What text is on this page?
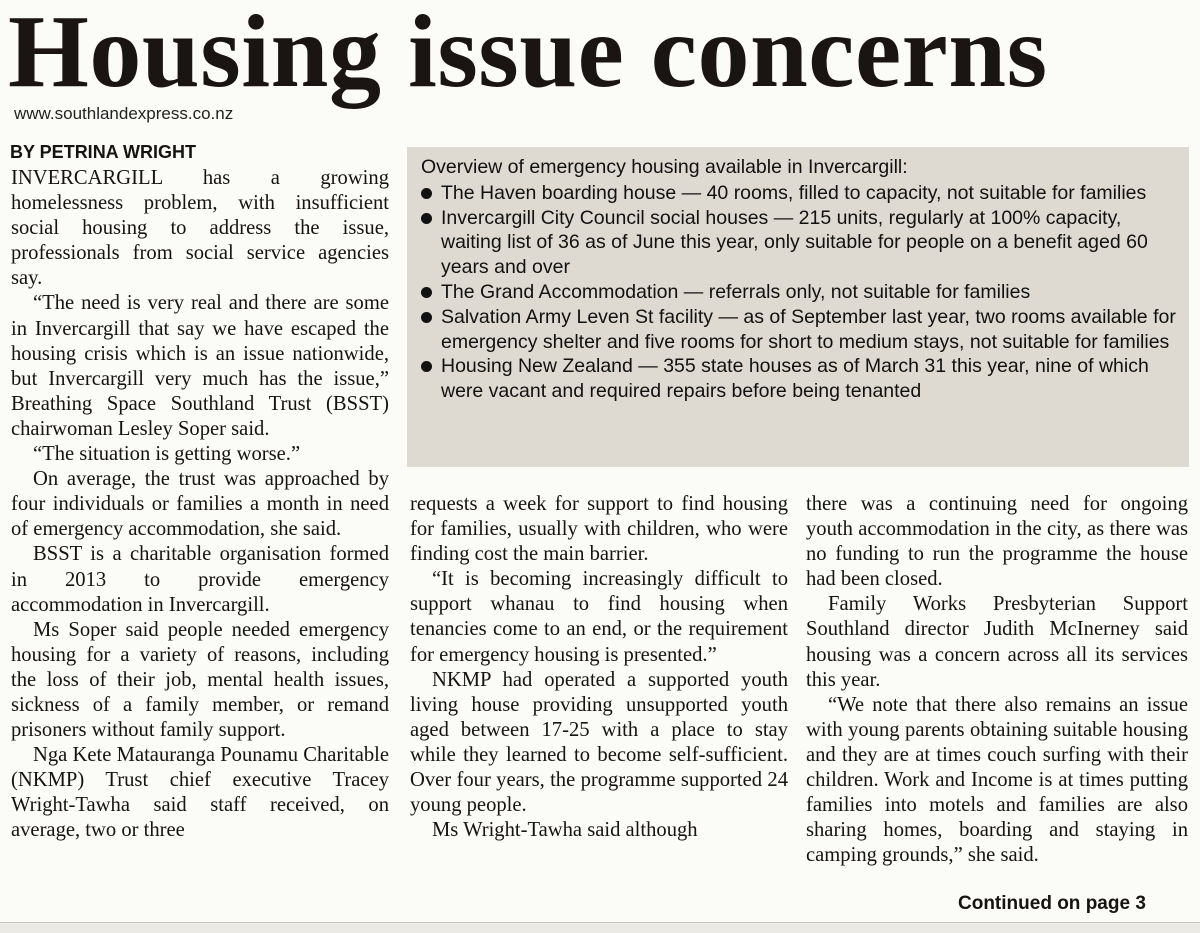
Housing issue concerns
www.southlandexpress.co.nz
BY PETRINA WRIGHT

INVERCARGILL has a growing homelessness problem, with insufficient social housing to address the issue, professionals from social service agencies say.

“The need is very real and there are some in Invercargill that say we have escaped the housing crisis which is an issue nationwide, but Invercargill very much has the issue,” Breathing Space Southland Trust (BSST) chairwoman Lesley Soper said.

“The situation is getting worse.”

On average, the trust was approached by four individuals or families a month in need of emergency accommodation, she said.

BSST is a charitable organisation formed in 2013 to provide emergency accommodation in Invercargill.

Ms Soper said people needed emergency housing for a variety of reasons, including the loss of their job, mental health issues, sickness of a family member, or remand prisoners without family support.

Nga Kete Matauranga Pounamu Charitable (NKMP) Trust chief executive Tracey Wright-Tawha said staff received, on average, two or three

Overview of emergency housing available in Invercargill:

The Haven boarding house — 40 rooms, filled to capacity, not suitable for families
Invercargill City Council social houses — 215 units, regularly at 100% capacity, waiting list of 36 as of June this year, only suitable for people on a benefit aged 60 years and over
The Grand Accommodation — referrals only, not suitable for families
Salvation Army Leven St facility — as of September last year, two rooms available for emergency shelter and five rooms for short to medium stays, not suitable for families
Housing New Zealand — 355 state houses as of March 31 this year, nine of which were vacant and required repairs before being tenanted

requests a week for support to find housing for families, usually with children, who were finding cost the main barrier.

“It is becoming increasingly difficult to support whanau to find housing when tenancies come to an end, or the requirement for emergency housing is presented.”

NKMP had operated a supported youth living house providing unsupported youth aged between 17-25 with a place to stay while they learned to become self-sufficient. Over four years, the programme supported 24 young people.

Ms Wright-Tawha said although

there was a continuing need for ongoing youth accommodation in the city, as there was no funding to run the programme the house had been closed.

Family Works Presbyterian Support Southland director Judith McInerney said housing was a concern across all its services this year.

“We note that there also remains an issue with young parents obtaining suitable housing and they are at times couch surfing with their children. Work and Income is at times putting families into motels and families are also sharing homes, boarding and staying in camping grounds,” she said.

Continued on page 3
